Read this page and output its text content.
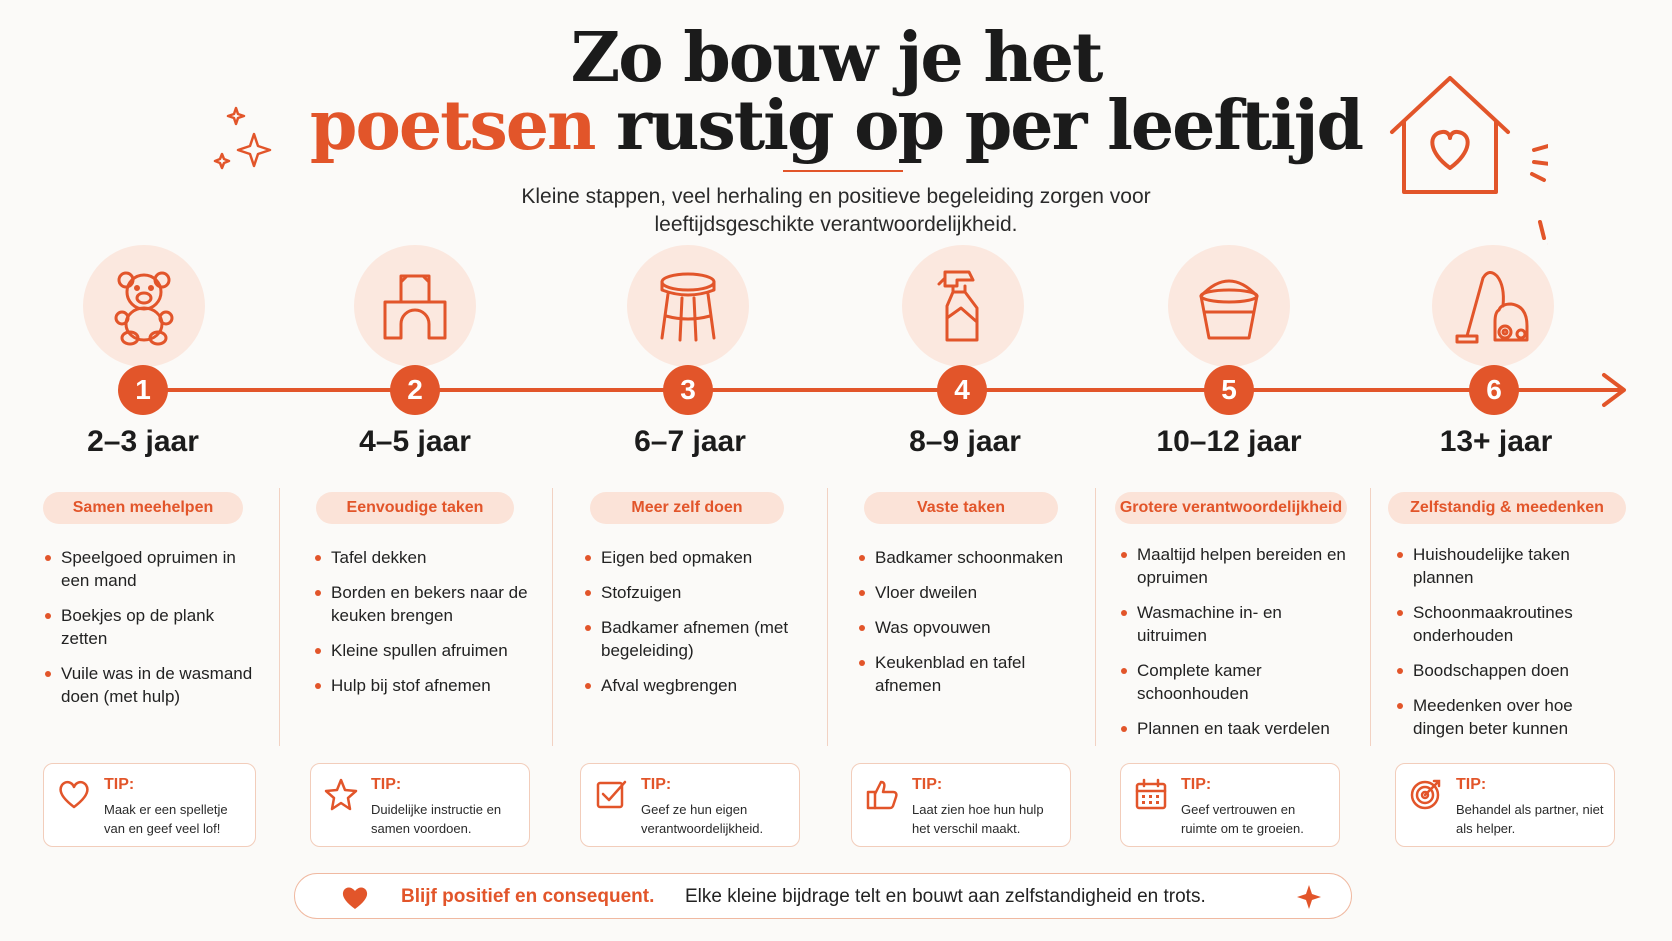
Zo bouw je het
poetsen rustig op per leeftijd
Kleine stappen, veel herhaling en positieve begeleiding zorgen voor
leeftijdsgeschikte verantwoordelijkheid.
1
2–3 jaar
Samen meehelpen
Speelgoed opruimen in een mand
Boekjes op de plank zetten
Vuile was in de wasmand doen (met hulp)
TIP:
Maak er een spelletje van en geef veel lof!
2
4–5 jaar
Eenvoudige taken
Tafel dekken
Borden en bekers naar de keuken brengen
Kleine spullen afruimen
Hulp bij stof afnemen
TIP:
Duidelijke instructie en samen voordoen.
3
6–7 jaar
Meer zelf doen
Eigen bed opmaken
Stofzuigen
Badkamer afnemen (met begeleiding)
Afval wegbrengen
TIP:
Geef ze hun eigen verantwoordelijkheid.
4
8–9 jaar
Vaste taken
Badkamer schoonmaken
Vloer dweilen
Was opvouwen
Keukenblad en tafel afnemen
TIP:
Laat zien hoe hun hulp het verschil maakt.
5
10–12 jaar
Grotere verantwoordelijkheid
Maaltijd helpen bereiden en opruimen
Wasmachine in- en uitruimen
Complete kamer schoonhouden
Plannen en taak verdelen
TIP:
Geef vertrouwen en ruimte om te groeien.
6
13+ jaar
Zelfstandig & meedenken
Huishoudelijke taken plannen
Schoonmaakroutines onderhouden
Boodschappen doen
Meedenken over hoe dingen beter kunnen
TIP:
Behandel als partner, niet als helper.
Blijf positief en consequent. Elke kleine bijdrage telt en bouwt aan zelfstandigheid en trots.
